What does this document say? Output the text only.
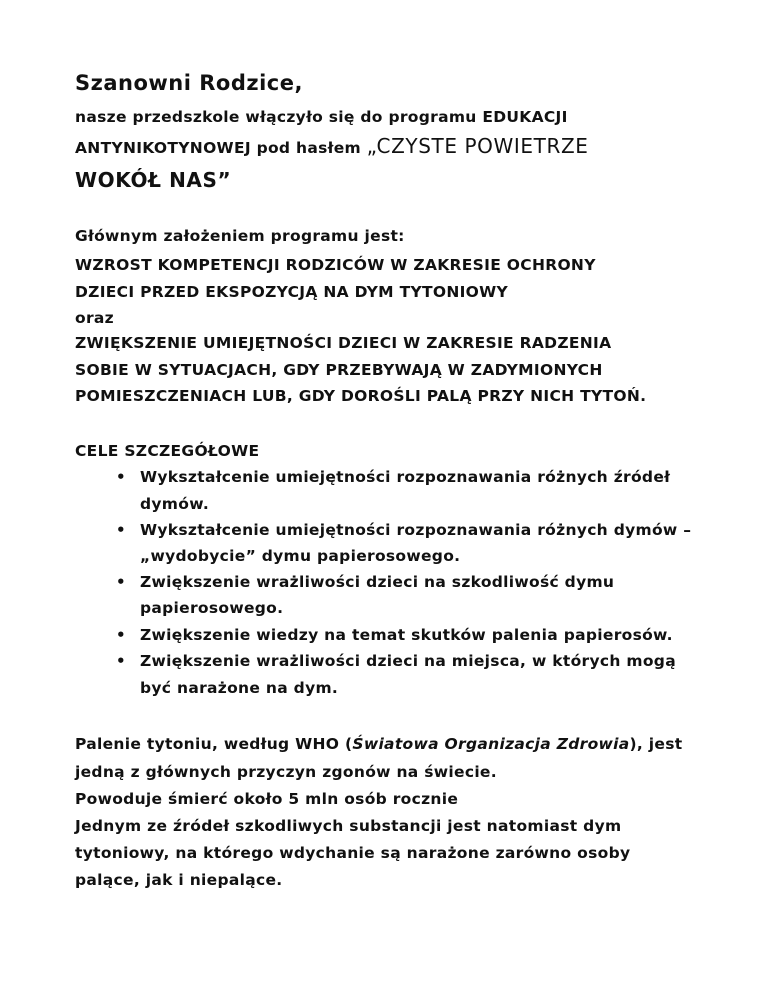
Szanowni Rodzice,
nasze przedszkole włączyło się do programu EDUKACJI
ANTYNIKOTYNOWEJ pod hasłem „CZYSTE POWIETRZE
WOKÓŁ NAS”
Głównym założeniem programu jest:
WZROST KOMPETENCJI RODZICÓW W ZAKRESIE OCHRONY
DZIECI PRZED EKSPOZYCJĄ NA DYM TYTONIOWY
oraz
ZWIĘKSZENIE UMIEJĘTNOŚCI DZIECI W ZAKRESIE RADZENIA
SOBIE W SYTUACJACH, GDY PRZEBYWAJĄ W ZADYMIONYCH
POMIESZCZENIACH LUB, GDY DOROŚLI PALĄ PRZY NICH TYTOŃ.
CELE SZCZEGÓŁOWE
• Wykształcenie umiejętności rozpoznawania różnych źródeł
dymów.
• Wykształcenie umiejętności rozpoznawania różnych dymów –
„wydobycie” dymu papierosowego.
• Zwiększenie wrażliwości dzieci na szkodliwość dymu
papierosowego.
• Zwiększenie wiedzy na temat skutków palenia papierosów.
• Zwiększenie wrażliwości dzieci na miejsca, w których mogą
być narażone na dym.
Palenie tytoniu, według WHO (Światowa Organizacja Zdrowia), jest
jedną z głównych przyczyn zgonów na świecie.
Powoduje śmierć około 5 mln osób rocznie
Jednym ze źródeł szkodliwych substancji jest natomiast dym
tytoniowy, na którego wdychanie są narażone zarówno osoby
palące, jak i niepalące.
